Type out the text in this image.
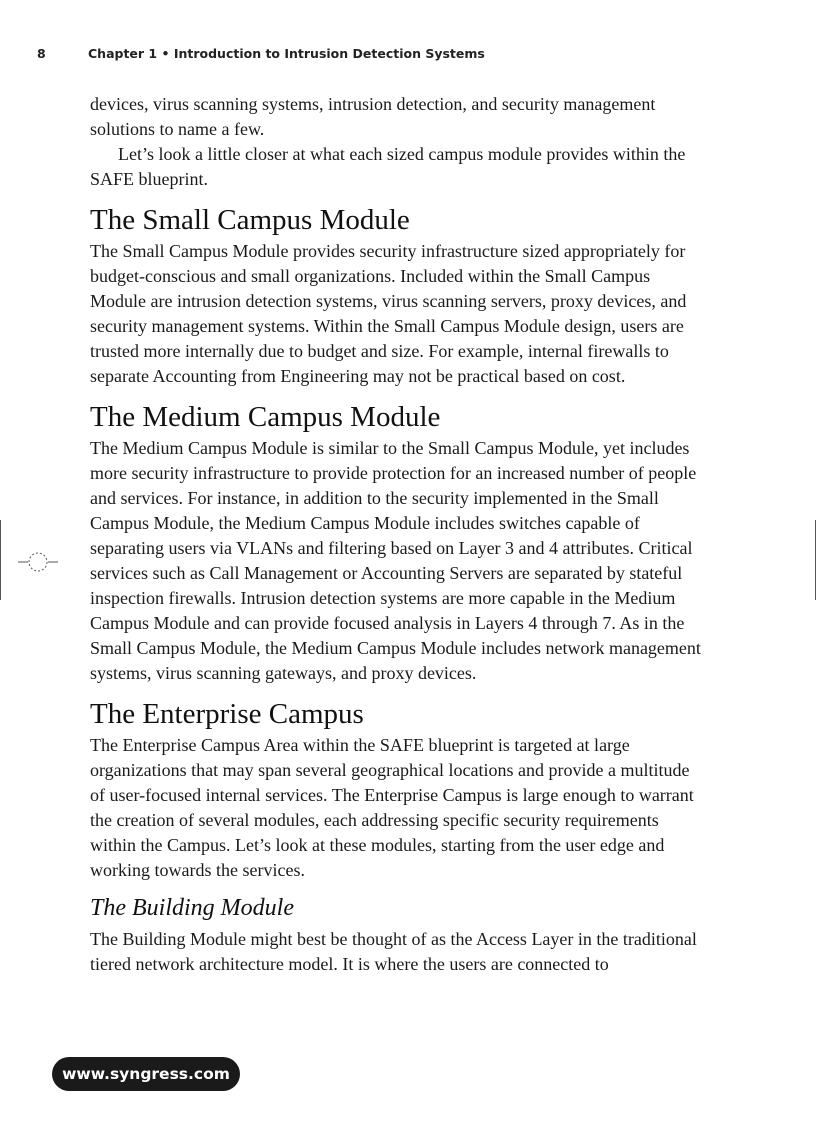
8	Chapter 1 • Introduction to Intrusion Detection Systems

devices, virus scanning systems, intrusion detection, and security management solutions to name a few.

Let’s look a little closer at what each sized campus module provides within the SAFE blueprint.

The Small Campus Module

The Small Campus Module provides security infrastructure sized appropriately for budget-conscious and small organizations. Included within the Small Campus Module are intrusion detection systems, virus scanning servers, proxy devices, and security management systems. Within the Small Campus Module design, users are trusted more internally due to budget and size. For example, internal firewalls to separate Accounting from Engineering may not be practical based on cost.

The Medium Campus Module

The Medium Campus Module is similar to the Small Campus Module, yet includes more security infrastructure to provide protection for an increased number of people and services. For instance, in addition to the security implemented in the Small Campus Module, the Medium Campus Module includes switches capable of separating users via VLANs and filtering based on Layer 3 and 4 attributes. Critical services such as Call Management or Accounting Servers are separated by stateful inspection firewalls. Intrusion detection systems are more capable in the Medium Campus Module and can provide focused analysis in Layers 4 through 7. As in the Small Campus Module, the Medium Campus Module includes network management systems, virus scanning gateways, and proxy devices.

The Enterprise Campus

The Enterprise Campus Area within the SAFE blueprint is targeted at large organizations that may span several geographical locations and provide a multitude of user-focused internal services. The Enterprise Campus is large enough to warrant the creation of several modules, each addressing specific security requirements within the Campus. Let’s look at these modules, starting from the user edge and working towards the services.

The Building Module

The Building Module might best be thought of as the Access Layer in the traditional tiered network architecture model. It is where the users are connected to

www.syngress.com
